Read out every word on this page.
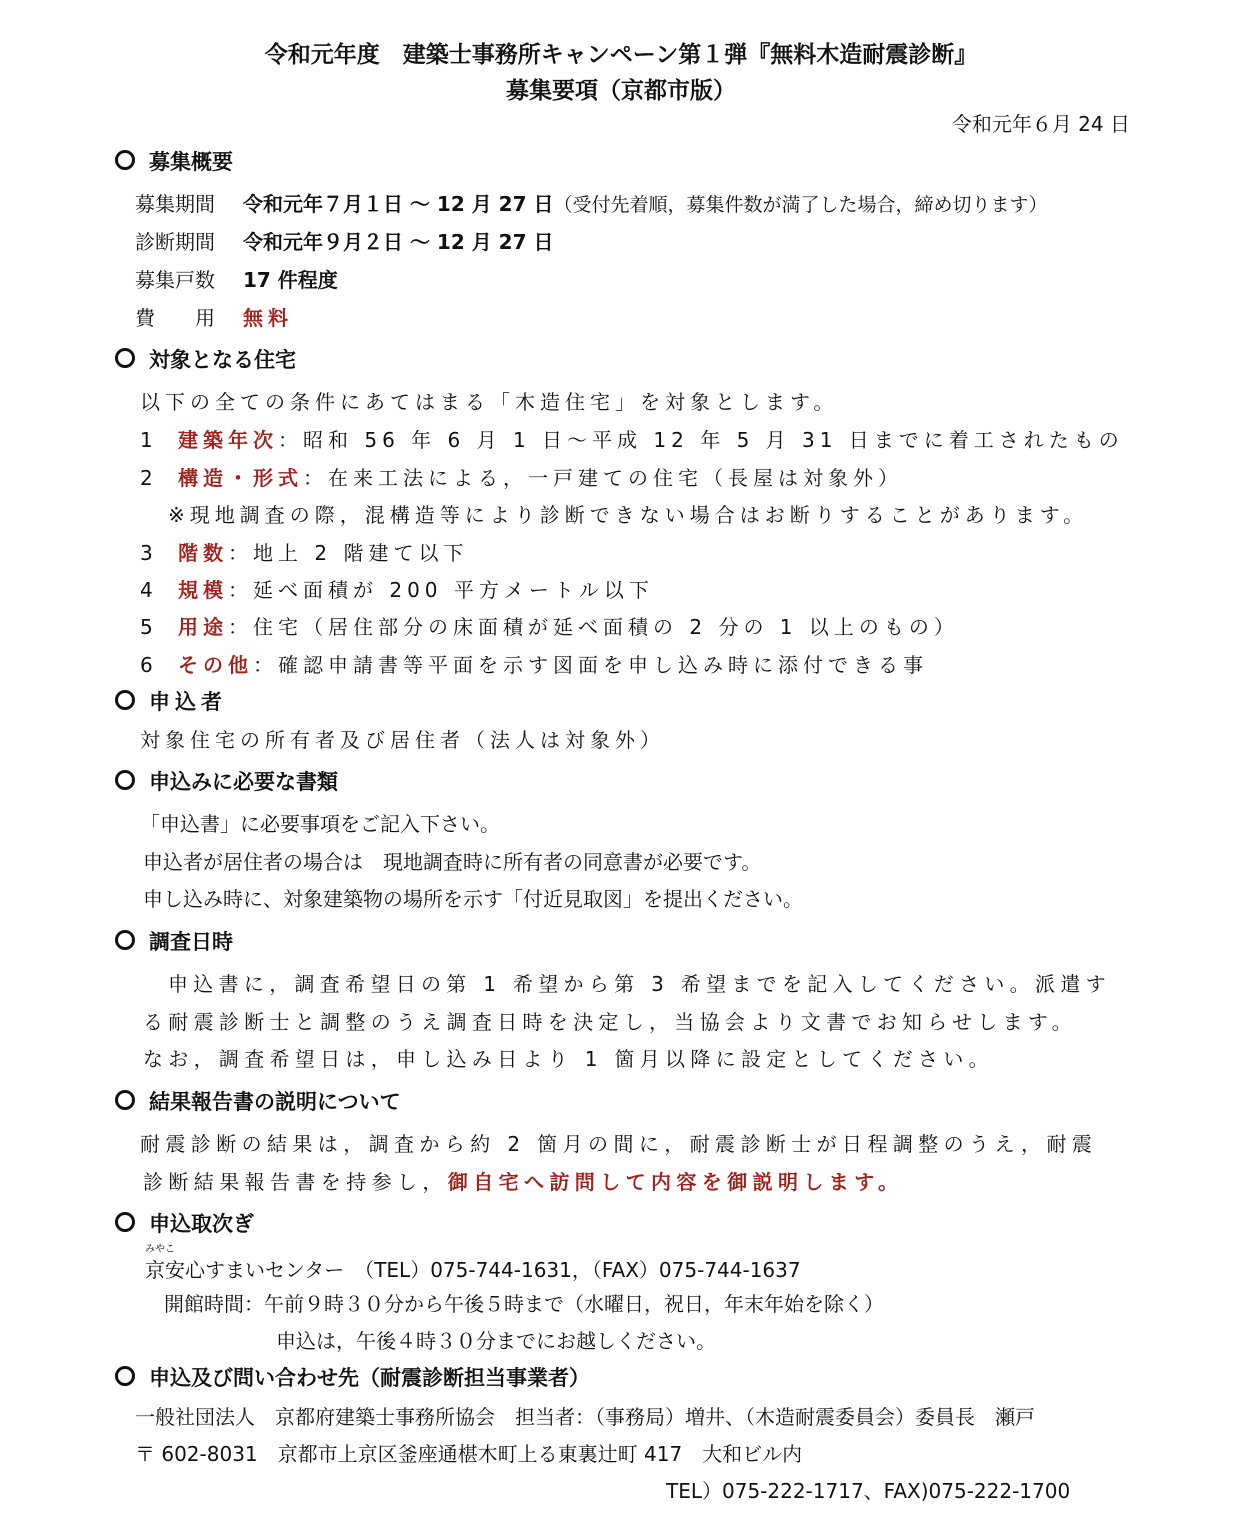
令和元年度　建築士事務所キャンペーン第１弾『無料木造耐震診断』
募集要項（京都市版）
令和元年６月 24 日
募集概要
募集期間 令和元年７月１日 ～ 12 月 27 日（受付先着順，募集件数が満了した場合，締め切ります）
診断期間 令和元年９月２日 ～ 12 月 27 日
募集戸数 17 件程度
費　　用 無料
対象となる住宅
以下の全ての条件にあてはまる「木造住宅」を対象とします。
1 建築年次：昭和 56 年 6 月 1 日～平成 12 年 5 月 31 日までに着工されたもの
2 構造・形式：在来工法による，一戸建ての住宅（長屋は対象外）
※現地調査の際，混構造等により診断できない場合はお断りすることがあります。
3 階数：地上 2 階建て以下
4 規模：延べ面積が 200 平方メートル以下
5 用途：住宅（居住部分の床面積が延べ面積の 2 分の 1 以上のもの）
6 その他：確認申請書等平面を示す図面を申し込み時に添付できる事
申込者
対象住宅の所有者及び居住者（法人は対象外）
申込みに必要な書類
「申込書」に必要事項をご記入下さい。
申込者が居住者の場合は　現地調査時に所有者の同意書が必要です。
申し込み時に、対象建築物の場所を示す「付近見取図」を提出ください。
調査日時
申込書に，調査希望日の第 1 希望から第 3 希望までを記入してください。派遣す
る耐震診断士と調整のうえ調査日時を決定し，当協会より文書でお知らせします。
なお，調査希望日は，申し込み日より 1 箇月以降に設定としてください。
結果報告書の説明について
耐震診断の結果は，調査から約 2 箇月の間に，耐震診断士が日程調整のうえ，耐震
診断結果報告書を持参し，御自宅へ訪問して内容を御説明します。
申込取次ぎ
みやこ
京安心すまいセンター　（TEL）075-744-1631，（FAX）075-744-1637
開館時間：午前９時３０分から午後５時まで（水曜日，祝日，年末年始を除く）
申込は，午後４時３０分までにお越しください。
申込及び問い合わせ先（耐震診断担当事業者）
一般社団法人　京都府建築士事務所協会　担当者：（事務局）増井、（木造耐震委員会）委員長　瀬戸
〒 602-8031　京都市上京区釜座通椹木町上る東裏辻町 417　大和ビル内
TEL）075-222-1717、FAX)075-222-1700
